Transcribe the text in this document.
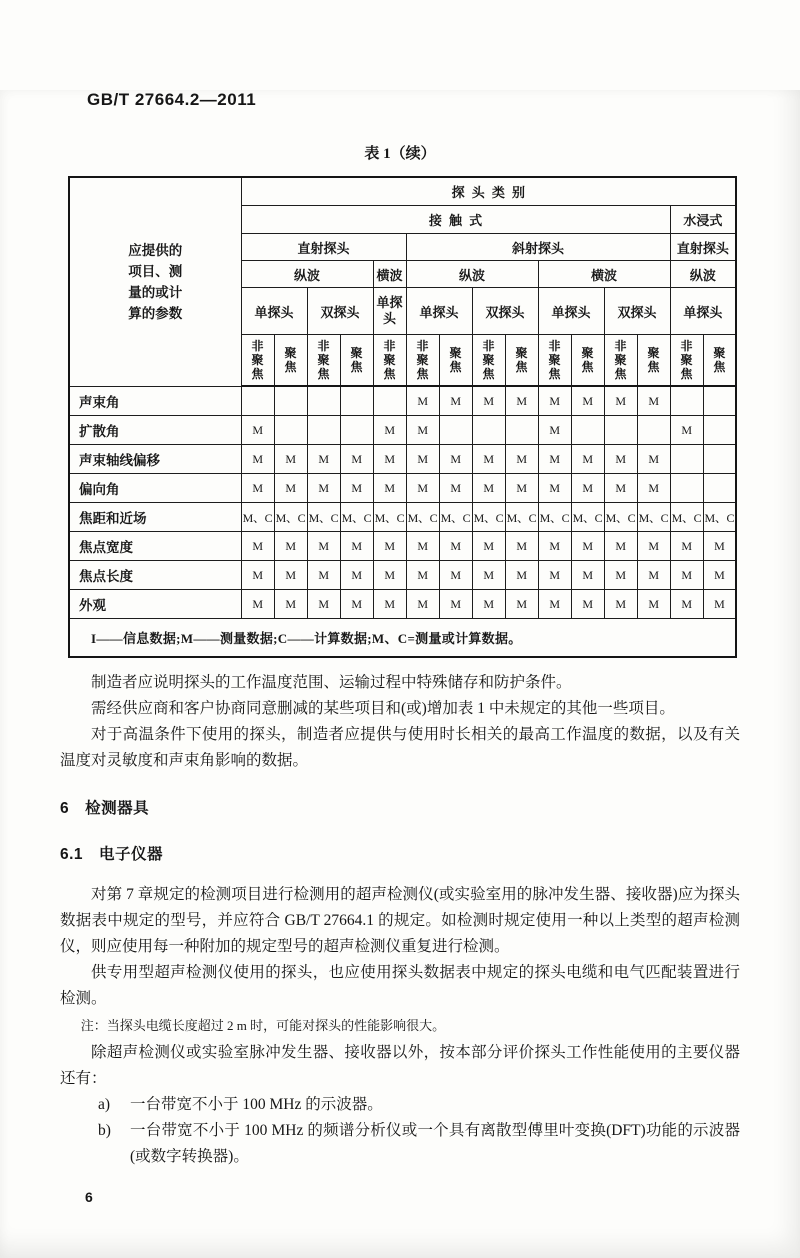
GB/T 27664.2—2011
表 1（续）
应提供的
项目、测
量的或计
算的参数	探头类别														
	接触式													水浸式	
	直射探头					斜射探头								直射探头	
	纵波				横波	纵波				横波				纵波	
	单探头		双探头		单探头	单探头		双探头		单探头		双探头		单探头	
	非聚焦	聚焦	非聚焦	聚焦	非聚焦	非聚焦	聚焦	非聚焦	聚焦	非聚焦	聚焦	非聚焦	聚焦	非聚焦	聚焦
声束角						M	M	M	M	M	M	M	M		
扩散角	M				M	M				M				M	
声束轴线偏移	M	M	M	M	M	M	M	M	M	M	M	M	M		
偏向角	M	M	M	M	M	M	M	M	M	M	M	M	M		
焦距和近场	M、C	M、C	M、C	M、C	M、C	M、C	M、C	M、C	M、C	M、C	M、C	M、C	M、C	M、C	M、C
焦点宽度	M	M	M	M	M	M	M	M	M	M	M	M	M	M	M
焦点长度	M	M	M	M	M	M	M	M	M	M	M	M	M	M	M
外观	M	M	M	M	M	M	M	M	M	M	M	M	M	M	M
I——信息数据;M——测量数据;C——计算数据;M、C=测量或计算数据。															

制造者应说明探头的工作温度范围、运输过程中特殊储存和防护条件。

需经供应商和客户协商同意删减的某些项目和(或)增加表 1 中未规定的其他一些项目。

对于高温条件下使用的探头，制造者应提供与使用时长相关的最高工作温度的数据，以及有关温度对灵敏度和声束角影响的数据。

6　检测器具
6.1　电子仪器

对第 7 章规定的检测项目进行检测用的超声检测仪(或实验室用的脉冲发生器、接收器)应为探头数据表中规定的型号，并应符合 GB/T 27664.1 的规定。如检测时规定使用一种以上类型的超声检测仪，则应使用每一种附加的规定型号的超声检测仪重复进行检测。

供专用型超声检测仪使用的探头，也应使用探头数据表中规定的探头电缆和电气匹配装置进行检测。

注：当探头电缆长度超过 2 m 时，可能对探头的性能影响很大。

除超声检测仪或实验室脉冲发生器、接收器以外，按本部分评价探头工作性能使用的主要仪器还有：

a)	一台带宽不小于 100 MHz 的示波器。
b)	一台带宽不小于 100 MHz 的频谱分析仪或一个具有离散型傅里叶变换(DFT)功能的示波器(或数字转换器)。
6
